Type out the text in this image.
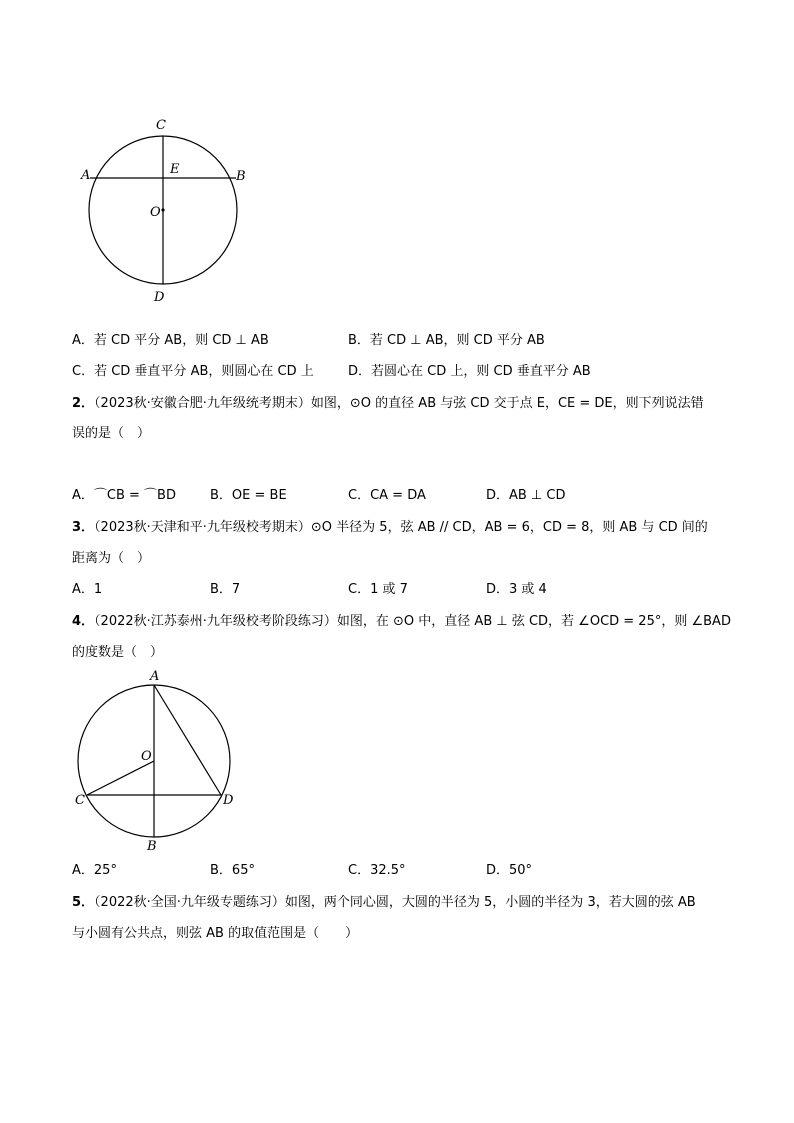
C
E
A	B
O
D
A．若 CD 平分 AB，则 CD ⊥ AB	B．若 CD ⊥ AB，则 CD 平分 AB
C．若 CD 垂直平分 AB，则圆心在 CD 上	D．若圆心在 CD 上，则 CD 垂直平分 AB
2．（2023秋·安徽合肥·九年级统考期末）如图，⊙O 的直径 AB 与弦 CD 交于点 E，CE = DE，则下列说法错
误的是（　）
A．⌒CB = ⌒BD	B．OE = BE	C．CA = DA	D．AB ⊥ CD
3．（2023秋·天津和平·九年级校考期末）⊙O 半径为 5，弦 AB // CD，AB = 6，CD = 8，则 AB 与 CD 间的
距离为（　）
A．1	B．7	C．1 或 7	D．3 或 4
4．（2022秋·江苏泰州·九年级校考阶段练习）如图，在 ⊙O 中，直径 AB ⊥ 弦 CD，若 ∠OCD = 25°，则 ∠BAD
的度数是（　）
A
O
C	D
B
A．25°	B．65°	C．32.5°	D．50°
5．（2022秋·全国·九年级专题练习）如图，两个同心圆，大圆的半径为 5，小圆的半径为 3，若大圆的弦 AB
与小圆有公共点，则弦 AB 的取值范围是（　　）
